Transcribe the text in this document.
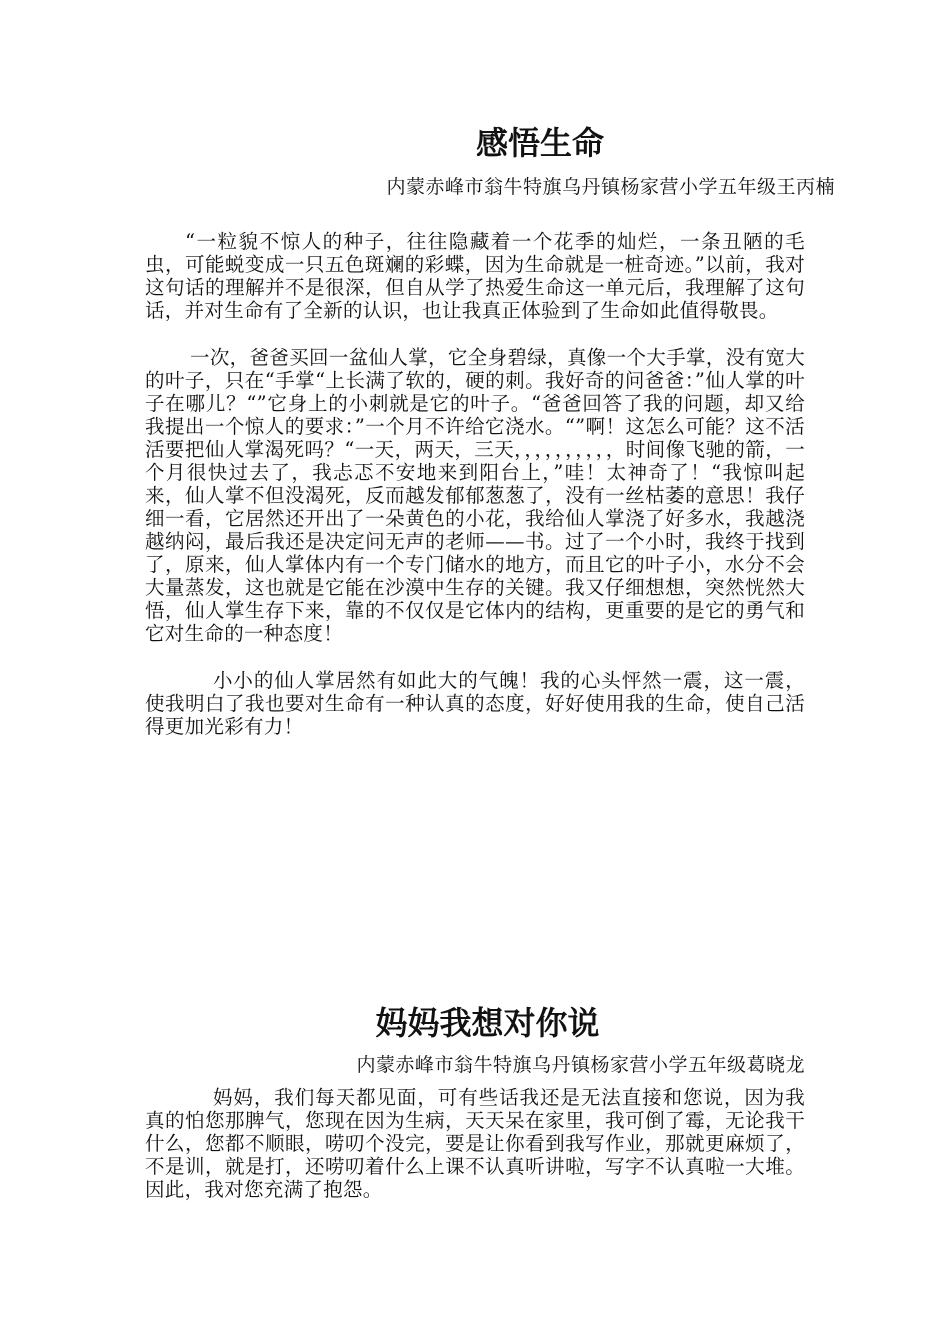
感悟生命

内蒙赤峰市翁牛特旗乌丹镇杨家营小学五年级王丙楠

“一粒貌不惊人的种子，往往隐藏着一个花季的灿烂，一条丑陋的毛虫，可能蜕变成一只五色斑斓的彩蝶，因为生命就是一桩奇迹。”以前，我对这句话的理解并不是很深，但自从学了热爱生命这一单元后，我理解了这句话，并对生命有了全新的认识，也让我真正体验到了生命如此值得敬畏。

一次，爸爸买回一盆仙人掌，它全身碧绿，真像一个大手掌，没有宽大的叶子，只在“手掌“上长满了软的，硬的刺。我好奇的问爸爸：”仙人掌的叶子在哪儿？“”它身上的小刺就是它的叶子。“爸爸回答了我的问题，却又给我提出一个惊人的要求：”一个月不许给它浇水。“”啊！这怎么可能？这不活活要把仙人掌渴死吗？“一天，两天，三天，，，，，，，，，，时间像飞驰的箭，一个月很快过去了，我忐忑不安地来到阳台上，”哇！太神奇了！“我惊叫起来，仙人掌不但没渴死，反而越发郁郁葱葱了，没有一丝枯萎的意思！我仔细一看，它居然还开出了一朵黄色的小花，我给仙人掌浇了好多水，我越浇越纳闷，最后我还是决定问无声的老师——书。过了一个小时，我终于找到了，原来，仙人掌体内有一个专门储水的地方，而且它的叶子小，水分不会大量蒸发，这也就是它能在沙漠中生存的关键。我又仔细想想，突然恍然大悟，仙人掌生存下来，靠的不仅仅是它体内的结构，更重要的是它的勇气和它对生命的一种态度！

小小的仙人掌居然有如此大的气魄！我的心头怦然一震，这一震，使我明白了我也要对生命有一种认真的态度，好好使用我的生命，使自己活得更加光彩有力！

妈妈我想对你说

内蒙赤峰市翁牛特旗乌丹镇杨家营小学五年级葛晓龙

妈妈，我们每天都见面，可有些话我还是无法直接和您说，因为我真的怕您那脾气，您现在因为生病，天天呆在家里，我可倒了霉，无论我干什么，您都不顺眼，唠叨个没完，要是让你看到我写作业，那就更麻烦了，不是训，就是打，还唠叨着什么上课不认真听讲啦，写字不认真啦一大堆。因此，我对您充满了抱怨。
